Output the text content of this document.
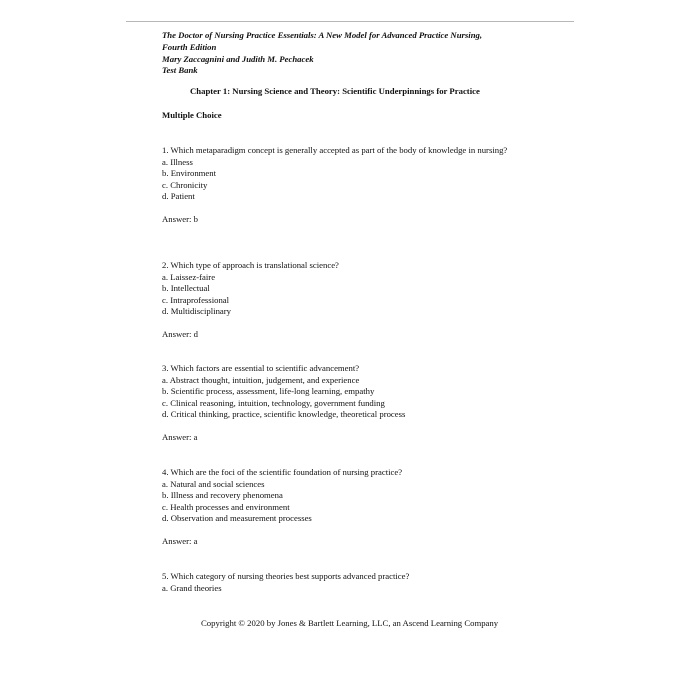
The Doctor of Nursing Practice Essentials: A New Model for Advanced Practice Nursing,
Fourth Edition
Mary Zaccagnini and Judith M. Pechacek
Test Bank
Chapter 1: Nursing Science and Theory: Scientific Underpinnings for Practice
Multiple Choice
1. Which metaparadigm concept is generally accepted as part of the body of knowledge in nursing?
a. Illness
b. Environment
c. Chronicity
d. Patient
Answer: b
2. Which type of approach is translational science?
a. Laissez-faire
b. Intellectual
c. Intraprofessional
d. Multidisciplinary
Answer: d
3. Which factors are essential to scientific advancement?
a. Abstract thought, intuition, judgement, and experience
b. Scientific process, assessment, life-long learning, empathy
c. Clinical reasoning, intuition, technology, government funding
d. Critical thinking, practice, scientific knowledge, theoretical process
Answer: a
4. Which are the foci of the scientific foundation of nursing practice?
a. Natural and social sciences
b. Illness and recovery phenomena
c. Health processes and environment
d. Observation and measurement processes
Answer: a
5. Which category of nursing theories best supports advanced practice?
a. Grand theories
Copyright © 2020 by Jones & Bartlett Learning, LLC, an Ascend Learning Company
